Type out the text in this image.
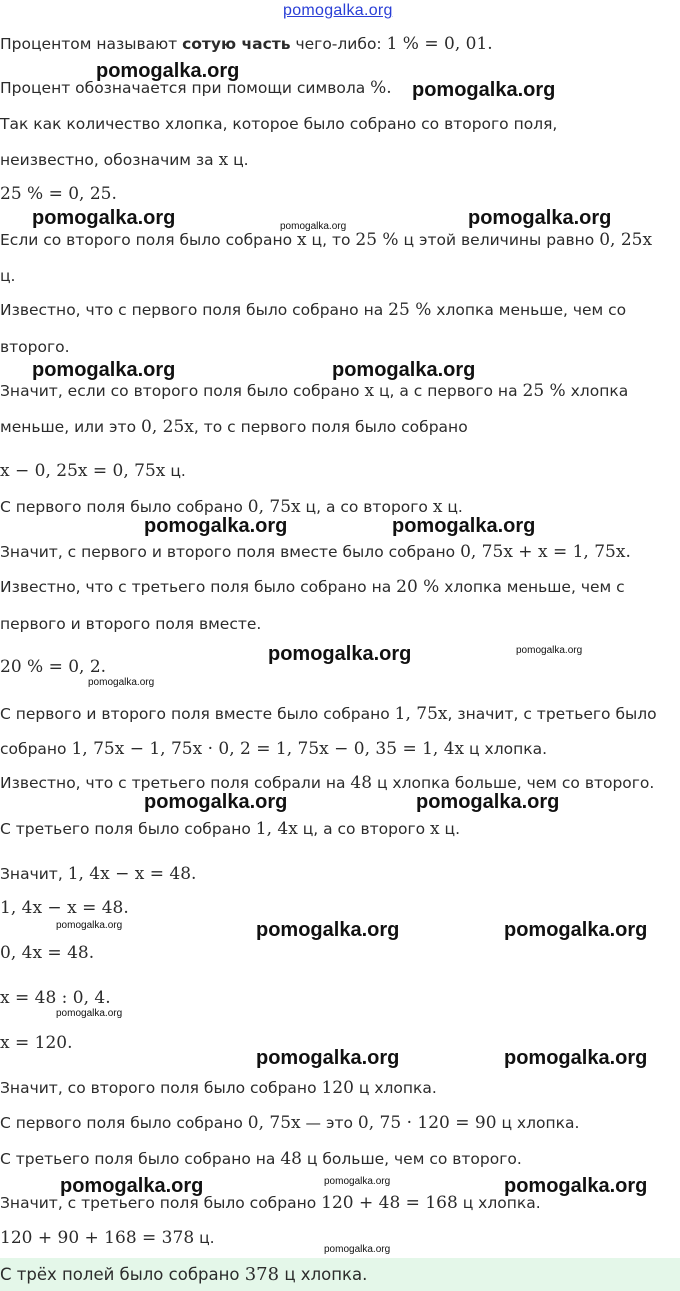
pomogalka.org
Процентом называют сотую часть чего-либо: 1 % = 0, 01.
Процент обозначается при помощи символа %.
Так как количество хлопка, которое было собрано со второго поля,
неизвестно, обозначим за x ц.
25 % = 0, 25.
Если со второго поля было собрано x ц, то 25 % ц этой величины равно 0, 25x
ц.
Известно, что с первого поля было собрано на 25 % хлопка меньше, чем со
второго.
Значит, если со второго поля было собрано x ц, а с первого на 25 % хлопка
меньше, или это 0, 25x, то с первого поля было собрано
x − 0, 25x = 0, 75x ц.
С первого поля было собрано 0, 75x ц, а со второго x ц.
Значит, с первого и второго поля вместе было собрано 0, 75x + x = 1, 75x.
Известно, что с третьего поля было собрано на 20 % хлопка меньше, чем с
первого и второго поля вместе.
20 % = 0, 2.
С первого и второго поля вместе было собрано 1, 75x, значит, с третьего было
собрано 1, 75x − 1, 75x · 0, 2 = 1, 75x − 0, 35 = 1, 4x ц хлопка.
Известно, что с третьего поля собрали на 48 ц хлопка больше, чем со второго.
С третьего поля было собрано 1, 4x ц, а со второго x ц.
Значит, 1, 4x − x = 48.
1, 4x − x = 48.
0, 4x = 48.
x = 48 : 0, 4.
x = 120.
Значит, со второго поля было собрано 120 ц хлопка.
С первого поля было собрано 0, 75x — это 0, 75 · 120 = 90 ц хлопка.
С третьего поля было собрано на 48 ц больше, чем со второго.
Значит, с третьего поля было собрано 120 + 48 = 168 ц хлопка.
120 + 90 + 168 = 378 ц.
С трёх полей было собрано 378 ц хлопка.
pomogalka.org
pomogalka.org
pomogalka.org	pomogalka.org
pomogalka.org	pomogalka.org
pomogalka.org	pomogalka.org
pomogalka.org
pomogalka.org	pomogalka.org
pomogalka.org	pomogalka.org
pomogalka.org	pomogalka.org
pomogalka.org	pomogalka.org
pomogalka.org
pomogalka.org
pomogalka.org
pomogalka.org
pomogalka.org
pomogalka.org
pomogalka.org
